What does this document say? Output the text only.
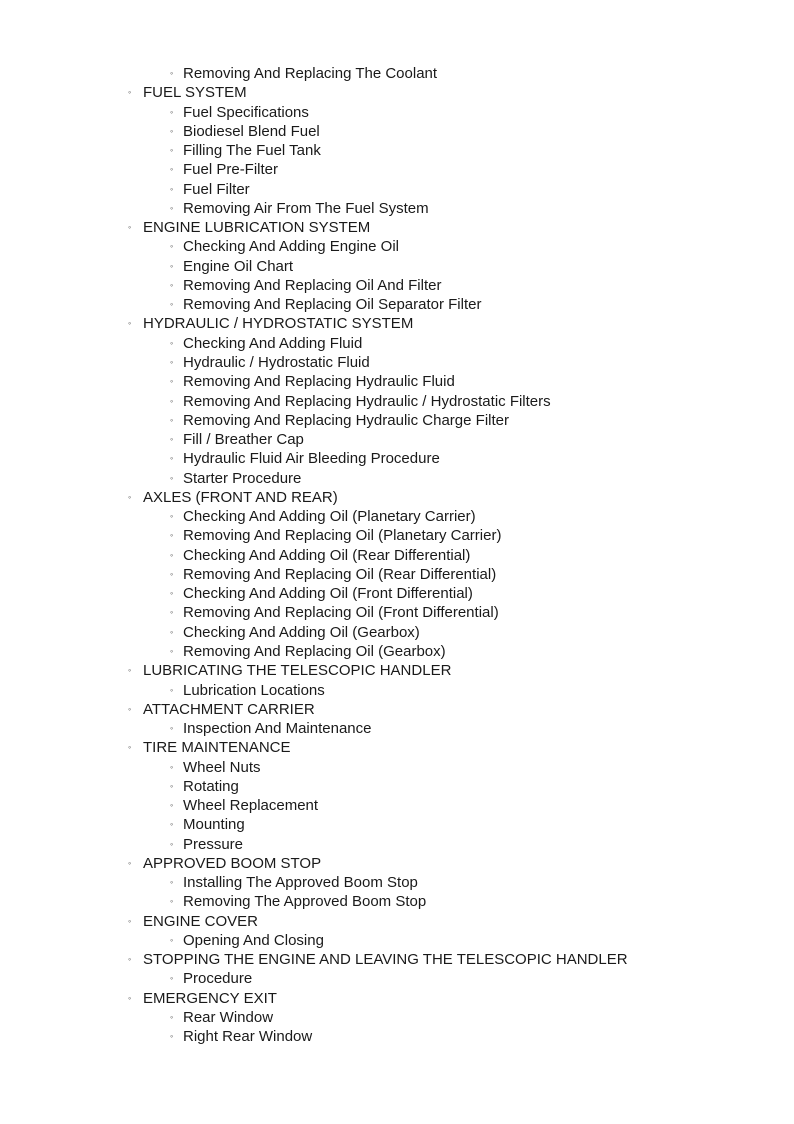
◦ Removing And Replacing The Coolant
◦ FUEL SYSTEM
◦ Fuel Specifications
◦ Biodiesel Blend Fuel
◦ Filling The Fuel Tank
◦ Fuel Pre-Filter
◦ Fuel Filter
◦ Removing Air From The Fuel System
◦ ENGINE LUBRICATION SYSTEM
◦ Checking And Adding Engine Oil
◦ Engine Oil Chart
◦ Removing And Replacing Oil And Filter
◦ Removing And Replacing Oil Separator Filter
◦ HYDRAULIC / HYDROSTATIC SYSTEM
◦ Checking And Adding Fluid
◦ Hydraulic / Hydrostatic Fluid
◦ Removing And Replacing Hydraulic Fluid
◦ Removing And Replacing Hydraulic / Hydrostatic Filters
◦ Removing And Replacing Hydraulic Charge Filter
◦ Fill / Breather Cap
◦ Hydraulic Fluid Air Bleeding Procedure
◦ Starter Procedure
◦ AXLES (FRONT AND REAR)
◦ Checking And Adding Oil (Planetary Carrier)
◦ Removing And Replacing Oil (Planetary Carrier)
◦ Checking And Adding Oil (Rear Differential)
◦ Removing And Replacing Oil (Rear Differential)
◦ Checking And Adding Oil (Front Differential)
◦ Removing And Replacing Oil (Front Differential)
◦ Checking And Adding Oil (Gearbox)
◦ Removing And Replacing Oil (Gearbox)
◦ LUBRICATING THE TELESCOPIC HANDLER
◦ Lubrication Locations
◦ ATTACHMENT CARRIER
◦ Inspection And Maintenance
◦ TIRE MAINTENANCE
◦ Wheel Nuts
◦ Rotating
◦ Wheel Replacement
◦ Mounting
◦ Pressure
◦ APPROVED BOOM STOP
◦ Installing The Approved Boom Stop
◦ Removing The Approved Boom Stop
◦ ENGINE COVER
◦ Opening And Closing
◦ STOPPING THE ENGINE AND LEAVING THE TELESCOPIC HANDLER
◦ Procedure
◦ EMERGENCY EXIT
◦ Rear Window
◦ Right Rear Window
